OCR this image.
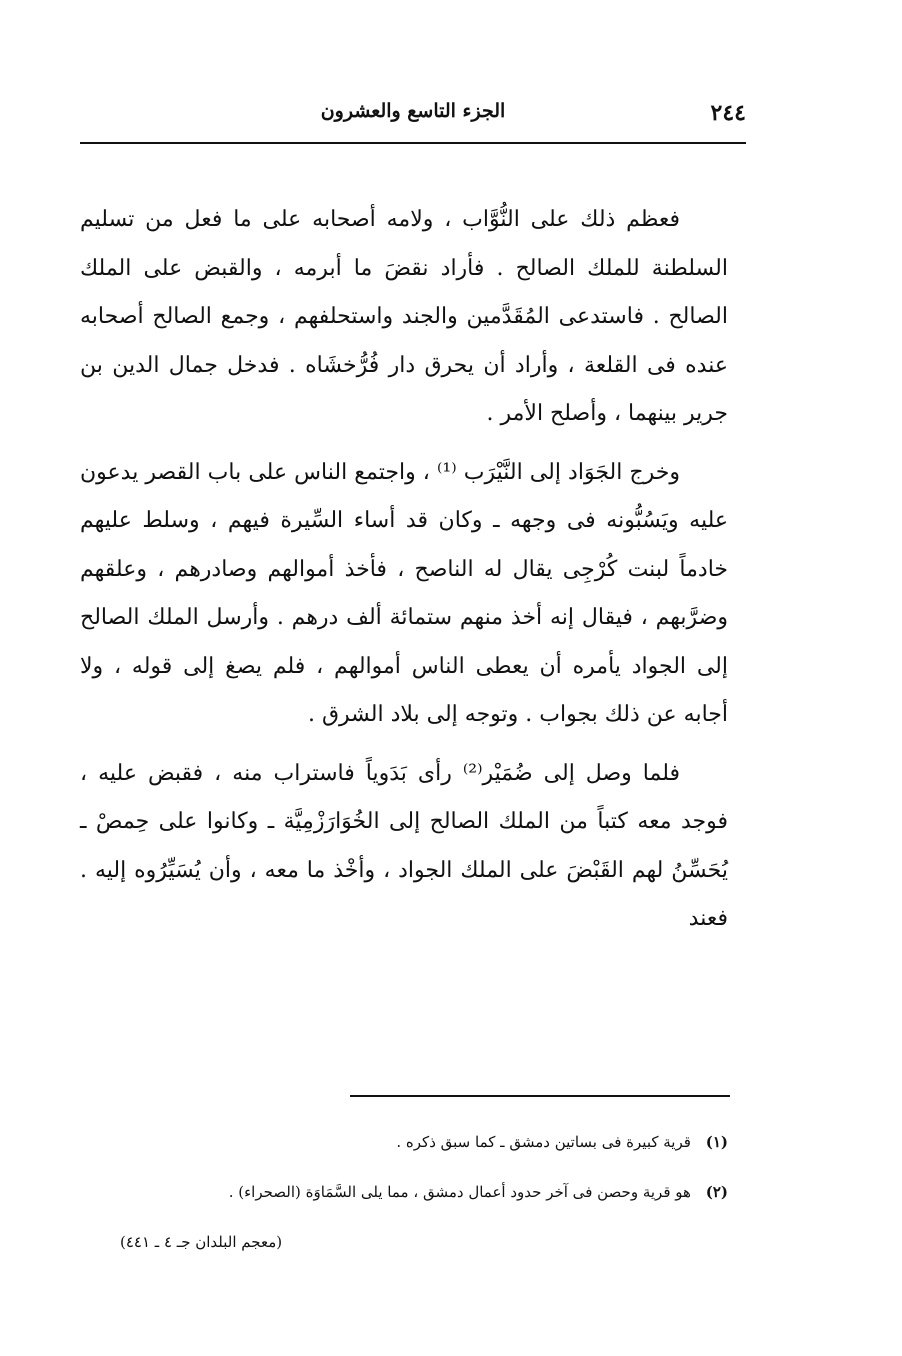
٢٤٤
الجزء التاسع والعشرون

فعظم ذلك على النُّوَّاب ، ولامه أصحابه على ما فعل من تسليم السلطنة للملك الصالح . فأراد نقضَ ما أبرمه ، والقبض على الملك الصالح . فاستدعى المُقَدَّمين والجند واستحلفهم ، وجمع الصالح أصحابه عنده فى القلعة ، وأراد أن يحرق دار فُرُّخشَاه . فدخل جمال الدين بن جرير بينهما ، وأصلح الأمر .

وخرج الجَوَاد إلى النَّيْرَب ⁽¹⁾ ، واجتمع الناس على باب القصر يدعون عليه ويَسُبُّونه فى وجهه ـ وكان قد أساء السِّيرة فيهم ، وسلط عليهم خادماً لبنت كُرْجِى يقال له الناصح ، فأخذ أموالهم وصادرهم ، وعلقهم وضرَّبهم ، فيقال إنه أخذ منهم ستمائة ألف درهم . وأرسل الملك الصالح إلى الجواد يأمره أن يعطى الناس أموالهم ، فلم يصغ إلى قوله ، ولا أجابه عن ذلك بجواب . وتوجه إلى بلاد الشرق .

فلما وصل إلى ضُمَيْر⁽²⁾ رأى بَدَوياً فاستراب منه ، فقبض عليه ، فوجد معه كتباً من الملك الصالح إلى الخُوَارَزْمِيَّة ـ وكانوا على حِمصْ ـ يُحَسِّنُ لهم القَبْضَ على الملك الجواد ، وأخْذ ما معه ، وأن يُسَيِّرُوه إليه . فعند

(١) قرية كبيرة فى بساتين دمشق ـ كما سبق ذكره .
(٢) هو قرية وحصن فى آخر حدود أعمال دمشق ، مما يلى السَّمَاوَة (الصحراء) .
(معجم البلدان جـ ٤ ـ ٤٤١)
